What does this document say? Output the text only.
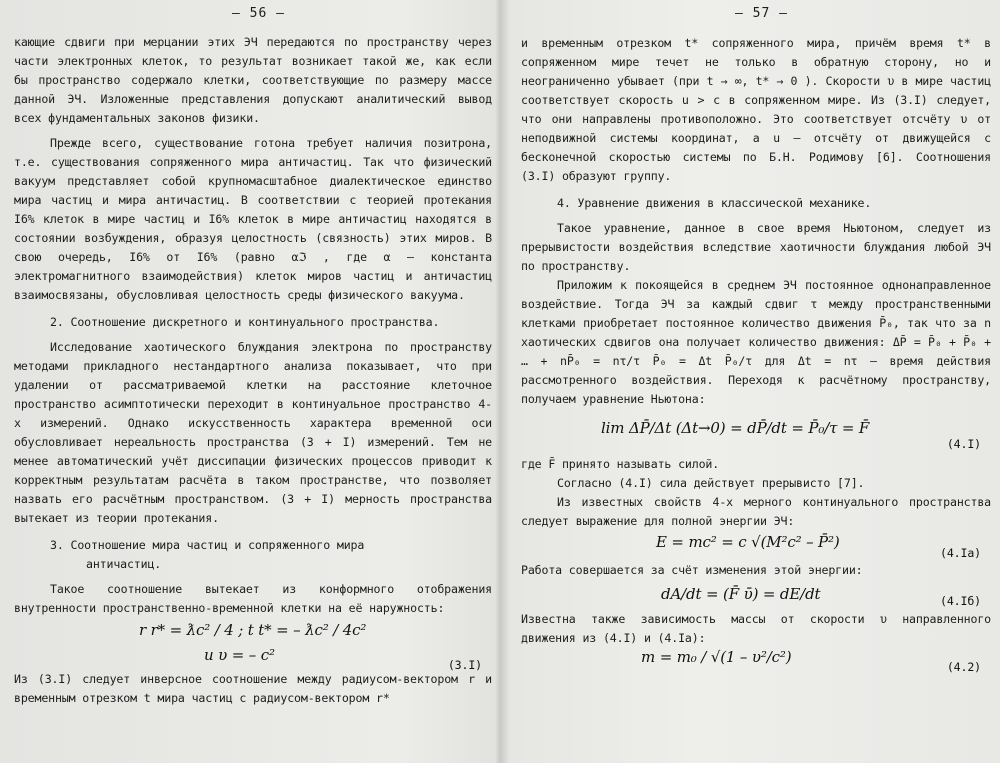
– 56 –

кающие сдвиги при мерцании этих ЭЧ передаются по пространству через части электронных клеток, то результат возникает такой же, как если бы пространство содержало клетки, соответствующие по размеру массе данной ЭЧ. Изложенные представления допускают аналитический вывод всех фундаментальных законов физики.

Прежде всего, существование готона требует наличия позитрона, т.е. существования сопряженного мира античастиц. Так что физический вакуум представляет собой крупномасштабное диалектическое единство мира частиц и мира античастиц. В соответствии с теорией протекания I6% клеток в мире частиц и I6% клеток в мире античастиц находятся в состоянии возбуждения, образуя целостность (связность) этих миров. В свою очередь, I6% от I6% (равно αℑ , где α – константа электромагнитного взаимодействия) клеток миров частиц и античастиц взаимосвязаны, обусловливая целостность среды физического вакуума.

2. Соотношение дискретного и континуального пространства.

Исследование хаотического блуждания электрона по пространству методами прикладного нестандартного анализа показывает, что при удалении от рассматриваемой клетки на расстояние клеточное пространство асимптотически переходит в континуальное пространство 4-х измерений. Однако искусственность характера временной оси обусловливает нереальность пространства (3 + I) измерений. Тем не менее автоматический учёт диссипации физических процессов приводит к корректным результатам расчёта в таком пространстве, что позволяет назвать его расчётным пространством. (3 + I) мерность пространства вытекает из теории протекания.

3. Соотношение мира частиц и сопряженного мира

античастиц.

Такое соотношение вытекает из конформного отображения внутренности пространственно-временной клетки на её наружность:

r r* = ƛc² / 4 ; t t* = – ƛc² / 4c²
u υ = – c²
(3.I)

Из (3.I) следует инверсное соотношение между радиусом-вектором r и временным отрезком t мира частиц с радиусом-вектором r*

– 57 –

и временным отрезком t* сопряженного мира, причём время t* в сопряженном мире течет не только в обратную сторону, но и неограниченно убывает (при t → ∞, t* → 0 ). Скорости υ в мире частиц соответствует скорость u > c в сопряженном мире. Из (3.I) следует, что они направлены противоположно. Это соответствует отсчёту υ от неподвижной системы координат, а u – отсчёту от движущейся с бесконечной скоростью системы по Б.Н. Родимову [6]. Соотношения (3.I) образуют группу.

4. Уравнение движения в классической механике.

Такое уравнение, данное в свое время Ньютоном, следует из прерывистости воздействия вследствие хаотичности блуждания любой ЭЧ по пространству.

Приложим к покоящейся в среднем ЭЧ постоянное однонаправленное воздействие. Тогда ЭЧ за каждый сдвиг τ между пространственными клетками приобретает постоянное количество движения P̄₀, так что за n хаотических сдвигов она получает количество движения: ΔP̄ = P̄₀ + P̄₀ + … + nP̄₀ = nτ/τ P̄₀ = Δt P̄₀/τ для Δt = nτ – время действия рассмотренного воздействия. Переходя к расчётному пространству, получаем уравнение Ньютона:

lim ΔP̄/Δt (Δt→0) = dP̄/dt = P̄₀/τ = F̄
(4.I)

где F̄ принято называть силой.

Согласно (4.I) сила действует прерывисто [7].

Из известных свойств 4-х мерного континуального пространства следует выражение для полной энергии ЭЧ:

E = mc² = c √(M²c² – P̄²)
(4.Iа)

Работа совершается за счёт изменения этой энергии:

dA/dt = (F̄ ῡ) = dE/dt	(4.Iб)

Известна также зависимость массы от скорости υ направленного движения из (4.I) и (4.Iа):

m = m₀ / √(1 – υ²/c²)
(4.2)
